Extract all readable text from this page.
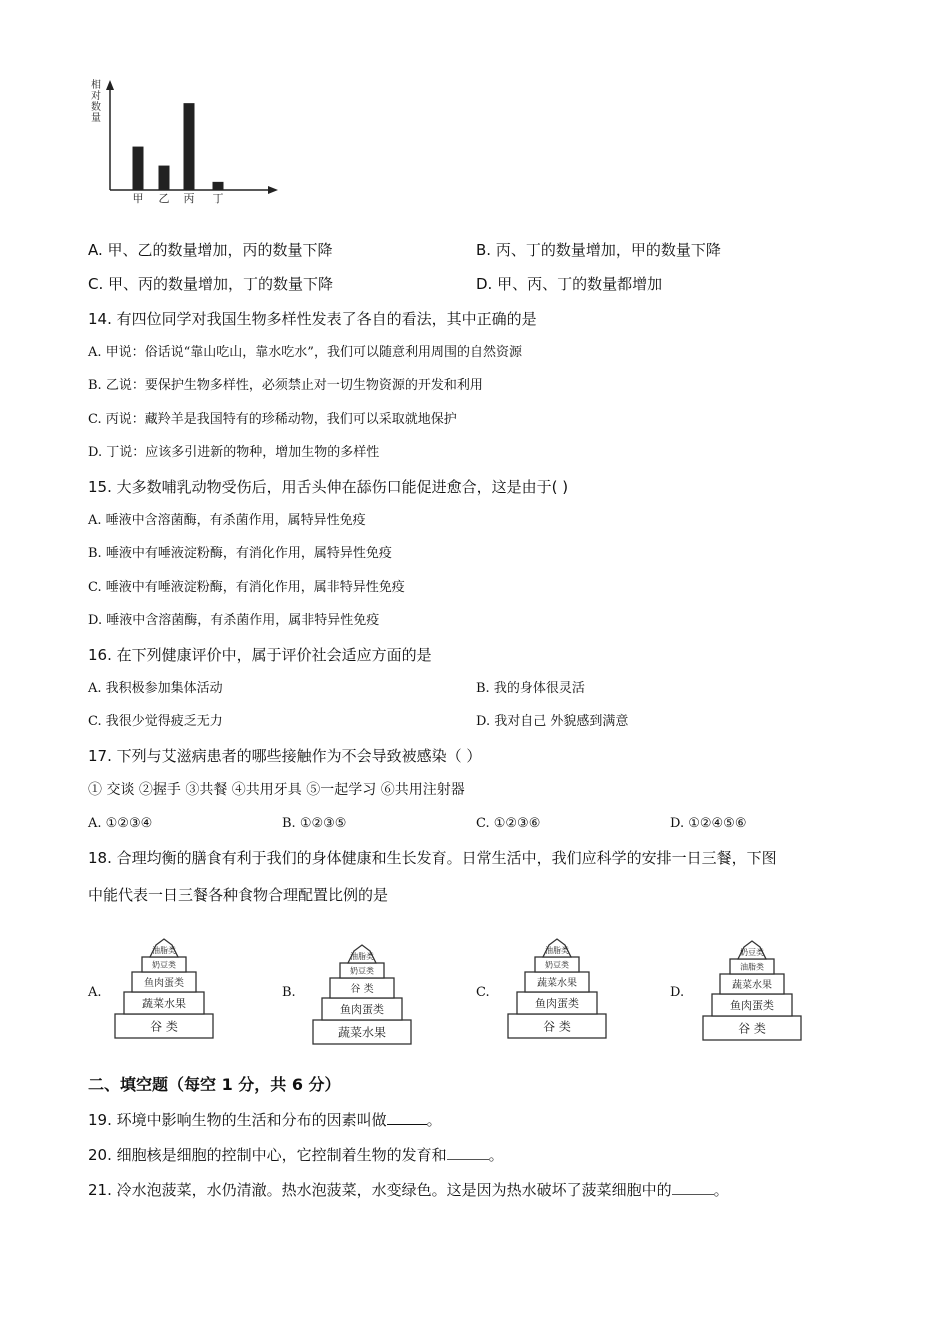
相
对
数
量
甲 乙 丙 丁
A. 甲、乙的数量增加，丙的数量下降	B. 丙、丁的数量增加，甲的数量下降
C. 甲、丙的数量增加，丁的数量下降	D. 甲、丙、丁的数量都增加
14. 有四位同学对我国生物多样性发表了各自的看法，其中正确的是
A. 甲说：俗话说“靠山吃山，靠水吃水”，我们可以随意利用周围的自然资源
B. 乙说：要保护生物多样性，必须禁止对一切生物资源的开发和利用
C. 丙说：藏羚羊是我国特有的珍稀动物，我们可以采取就地保护
D. 丁说：应该多引进新的物种，增加生物的多样性
15. 大多数哺乳动物受伤后，用舌头伸在舔伤口能促进愈合，这是由于( )
A. 唾液中含溶菌酶，有杀菌作用，属特异性免疫
B. 唾液中有唾液淀粉酶，有消化作用，属特异性免疫
C. 唾液中有唾液淀粉酶，有消化作用，属非特异性免疫
D. 唾液中含溶菌酶，有杀菌作用，属非特异性免疫
16. 在下列健康评价中，属于评价社会适应方面的是
A. 我积极参加集体活动	B. 我的身体很灵活
C. 我很少觉得疲乏无力	D. 我对自己 外貌感到满意
17. 下列与艾滋病患者的哪些接触作为不会导致被感染（ ）
① 交谈 ②握手 ③共餐 ④共用牙具 ⑤一起学习 ⑥共用注射器
A. ①②③④	B. ①②③⑤	C. ①②③⑥	D. ①②④⑤⑥
18. 合理均衡的膳食有利于我们的身体健康和生长发育。日常生活中，我们应科学的安排一日三餐，下图
中能代表一日三餐各种食物合理配置比例的是
A.	B.	C.	D.
谷 类
蔬菜水果
鱼肉蛋类
奶豆类
油脂类
蔬菜水果
鱼肉蛋类
谷 类
奶豆类
油脂类
谷 类
鱼肉蛋类
蔬菜水果
奶豆类
油脂类
谷 类
鱼肉蛋类
蔬菜水果
油脂类
奶豆类
二、填空题（每空 1 分，共 6 分）
19. 环境中影响生物的生活和分布的因素叫做	。
20. 细胞核是细胞的控制中心，它控制着生物的发育和	。
21. 冷水泡菠菜，水仍清澈。热水泡菠菜，水变绿色。这是因为热水破坏了菠菜细胞中的	。
